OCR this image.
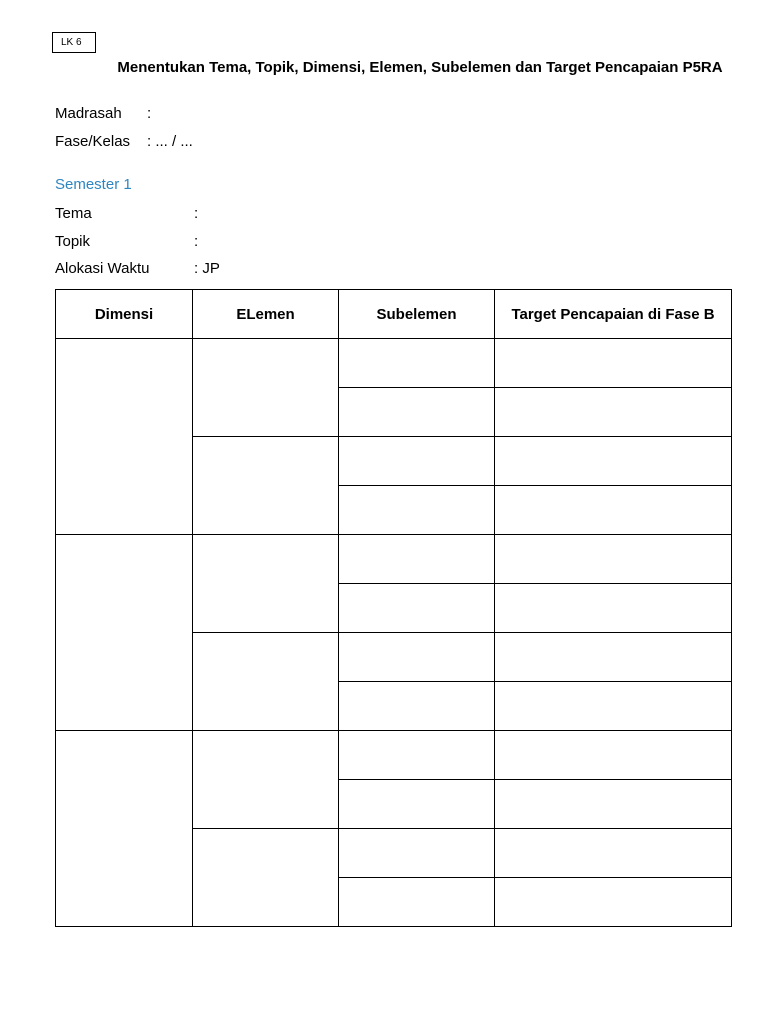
LK 6
Menentukan Tema, Topik, Dimensi, Elemen, Subelemen dan Target Pencapaian P5RA
Madrasah :
Fase/Kelas : ... / ...
Semester 1
Tema	:
Topik	:
Alokasi Waktu	: JP
Dimensi	ELemen	Subelemen	Target Pencapaian di Fase B
